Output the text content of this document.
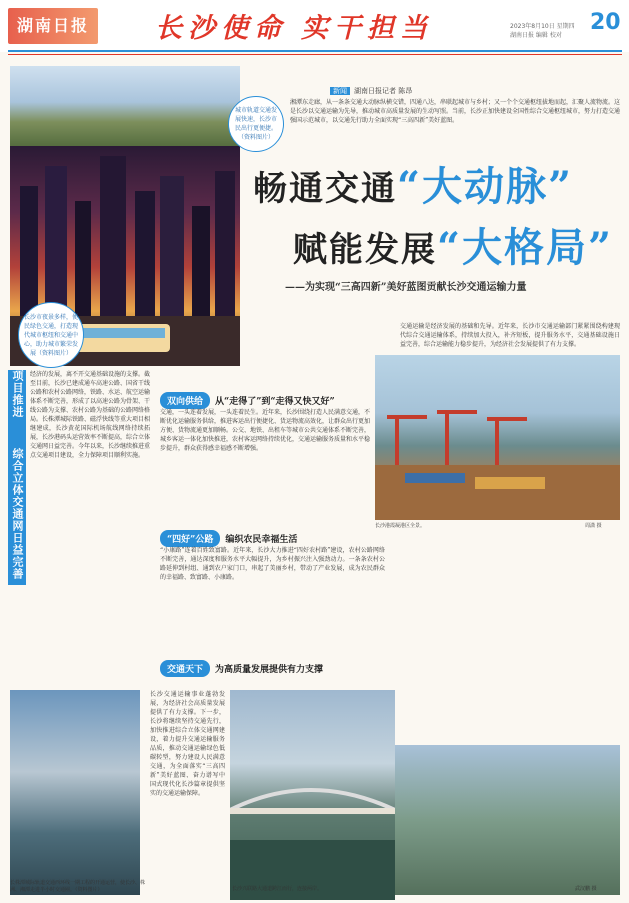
湖南日报	长沙使命 实干担当	2023年8月10日 星期四
湖南日报 编辑 校对
20
城市轨道交通发展快速，长沙市民出行更便捷。（资料图片）
长沙市夜景多样，便民绿色交通，打造现代城市枢纽和交通中心，助力城市繁荣发展（资料图片）
新闻 湖南日报记者 陈昂
湘潭东走廊，从一条条交通大动脉纵横交错，四通八达，串联起城市与乡村；又一个个交通枢纽拔地而起，汇聚人流物流。这是长沙以交通运输为先导，推动城市高质量发展的生动写照。当前，长沙正加快建设全国性综合交通枢纽城市，努力打造交通强国示范城市，以交通先行助力全面实现“三高四新”美好蓝图。
畅通交通“大动脉”
赋能发展“大格局”
——为实现“三高四新”美好蓝图贡献长沙交通运输力量
项目推进
综合立体交通网日益完善
经济的发展，离不开交通基础设施的支撑。截至目前，长沙已建成通车高速公路、国省干线公路和农村公路网络，铁路、水运、航空运输体系不断完善，形成了以高速公路为骨架、干线公路为支撑、农村公路为基础的公路网络格局。长株潭城际铁路、磁浮快线等重大项目相继建成，长沙黄花国际机场航线网络持续拓展，长沙港码头运营效率不断提高，综合立体交通网日益完善。今年以来，长沙继续推进重点交通项目建设，全力保障项目顺利实施。
交通运输是经济发展的基础和先导。近年来，长沙市交通运输部门紧紧围绕构建现代综合交通运输体系，持续加大投入，补齐短板，提升服务水平，交通基础设施日益完善，综合运输能力稳步提升，为经济社会发展提供了有力支撑。
双向供给	从“走得了”到“走得又快又好”
交通，一头连着发展，一头连着民生。近年来，长沙围绕打造人民满意交通，不断优化运输服务供给，推进客运出行便捷化、货运物流高效化，让群众出行更加方便、货物流通更加顺畅。公交、地铁、出租车等城市公共交通体系不断完善，城乡客运一体化加快推进，农村客运网络持续优化，交通运输服务质量和水平稳步提升，群众获得感幸福感不断增强。
长沙港霞凝港区全景。	周潇 摄
“四好”公路	编织农民幸福生活
“小康路”连着百姓致富路。近年来，长沙大力推进“四好农村路”建设，农村公路网络不断完善，通达深度和服务水平大幅提升，为乡村振兴注入强劲动力。一条条农村公路延伸到村组、通到农户家门口，串起了美丽乡村，带动了产业发展，成为农民群众的幸福路、致富路、小康路。
交通天下	为高质量发展提供有力支撑
长沙交通运输事业蓬勃发展，为经济社会高质量发展提供了有力支撑。下一步，长沙将继续坚持交通先行，加快推进综合立体交通网建设，着力提升交通运输服务品质，推动交通运输绿色低碳转型，努力建设人民满意交通，为全面落实“三高四新”美好蓝图、奋力谱写中国式现代化长沙篇章提供坚实的交通运输保障。
长株潭城际轨道交通西环线一期工程的开通运营，使长沙、株洲、湘潭走进半小时交通圈。（资料图片）	长沙兴联路大通道跨江而行，连接两岸。	武汉鹏 摄
